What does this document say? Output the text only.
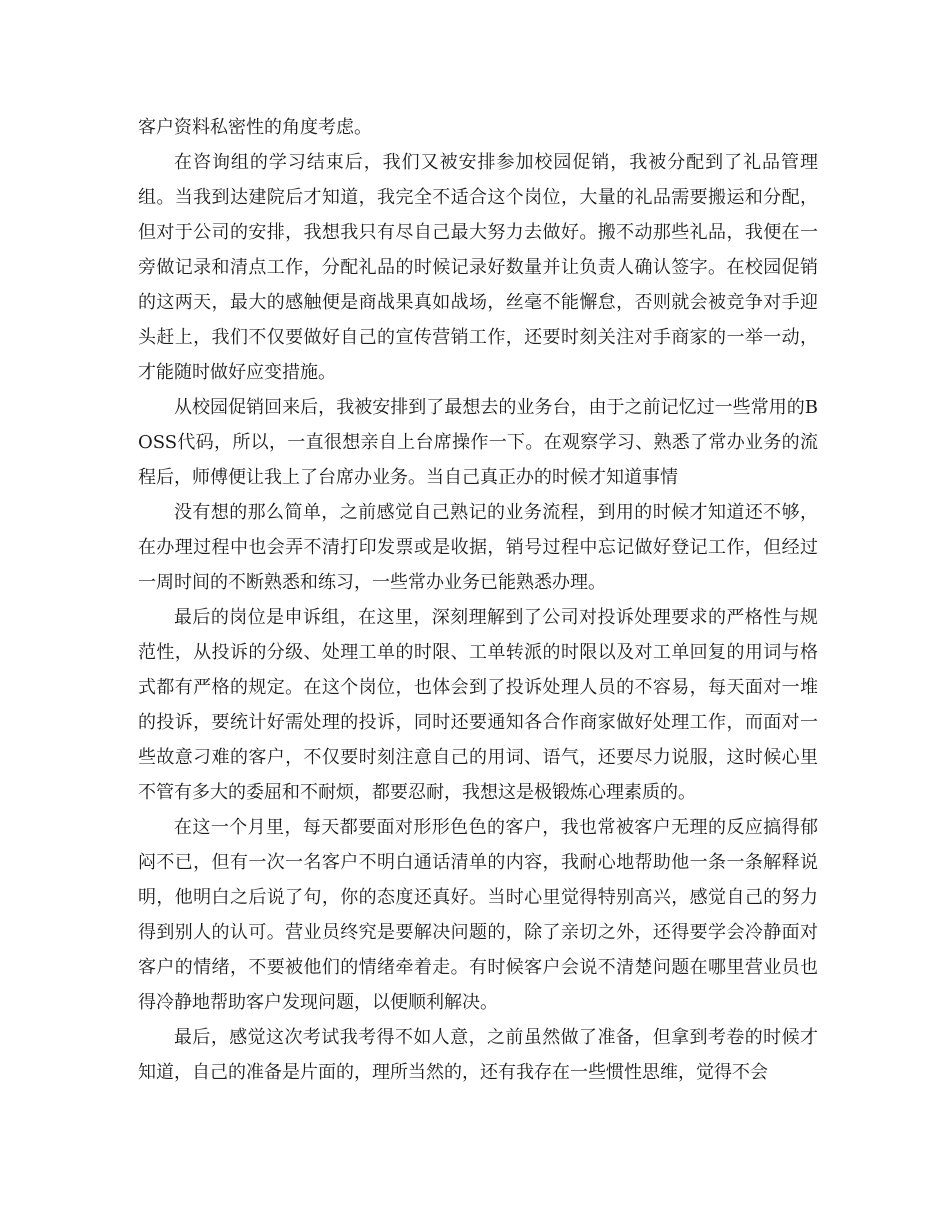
客户资料私密性的角度考虑。

在咨询组的学习结束后，我们又被安排参加校园促销，我被分配到了礼品管理组。当我到达建院后才知道，我完全不适合这个岗位，大量的礼品需要搬运和分配，但对于公司的安排，我想我只有尽自己最大努力去做好。搬不动那些礼品，我便在一旁做记录和清点工作，分配礼品的时候记录好数量并让负责人确认签字。在校园促销的这两天，最大的感触便是商战果真如战场，丝毫不能懈怠，否则就会被竞争对手迎头赶上，我们不仅要做好自己的宣传营销工作，还要时刻关注对手商家的一举一动，才能随时做好应变措施。

从校园促销回来后，我被安排到了最想去的业务台，由于之前记忆过一些常用的BOSS代码，所以，一直很想亲自上台席操作一下。在观察学习、熟悉了常办业务的流程后，师傅便让我上了台席办业务。当自己真正办的时候才知道事情

没有想的那么简单，之前感觉自己熟记的业务流程，到用的时候才知道还不够，在办理过程中也会弄不清打印发票或是收据，销号过程中忘记做好登记工作，但经过一周时间的不断熟悉和练习，一些常办业务已能熟悉办理。

最后的岗位是申诉组，在这里，深刻理解到了公司对投诉处理要求的严格性与规范性，从投诉的分级、处理工单的时限、工单转派的时限以及对工单回复的用词与格式都有严格的规定。在这个岗位，也体会到了投诉处理人员的不容易，每天面对一堆的投诉，要统计好需处理的投诉，同时还要通知各合作商家做好处理工作，而面对一些故意刁难的客户，不仅要时刻注意自己的用词、语气，还要尽力说服，这时候心里不管有多大的委屈和不耐烦，都要忍耐，我想这是极锻炼心理素质的。

在这一个月里，每天都要面对形形色色的客户，我也常被客户无理的反应搞得郁闷不已，但有一次一名客户不明白通话清单的内容，我耐心地帮助他一条一条解释说明，他明白之后说了句，你的态度还真好。当时心里觉得特别高兴，感觉自己的努力得到别人的认可。营业员终究是要解决问题的，除了亲切之外，还得要学会冷静面对客户的情绪，不要被他们的情绪牵着走。有时候客户会说不清楚问题在哪里营业员也得冷静地帮助客户发现问题，以便顺利解决。

最后，感觉这次考试我考得不如人意，之前虽然做了准备，但拿到考卷的时候才知道，自己的准备是片面的，理所当然的，还有我存在一些惯性思维，觉得不会
